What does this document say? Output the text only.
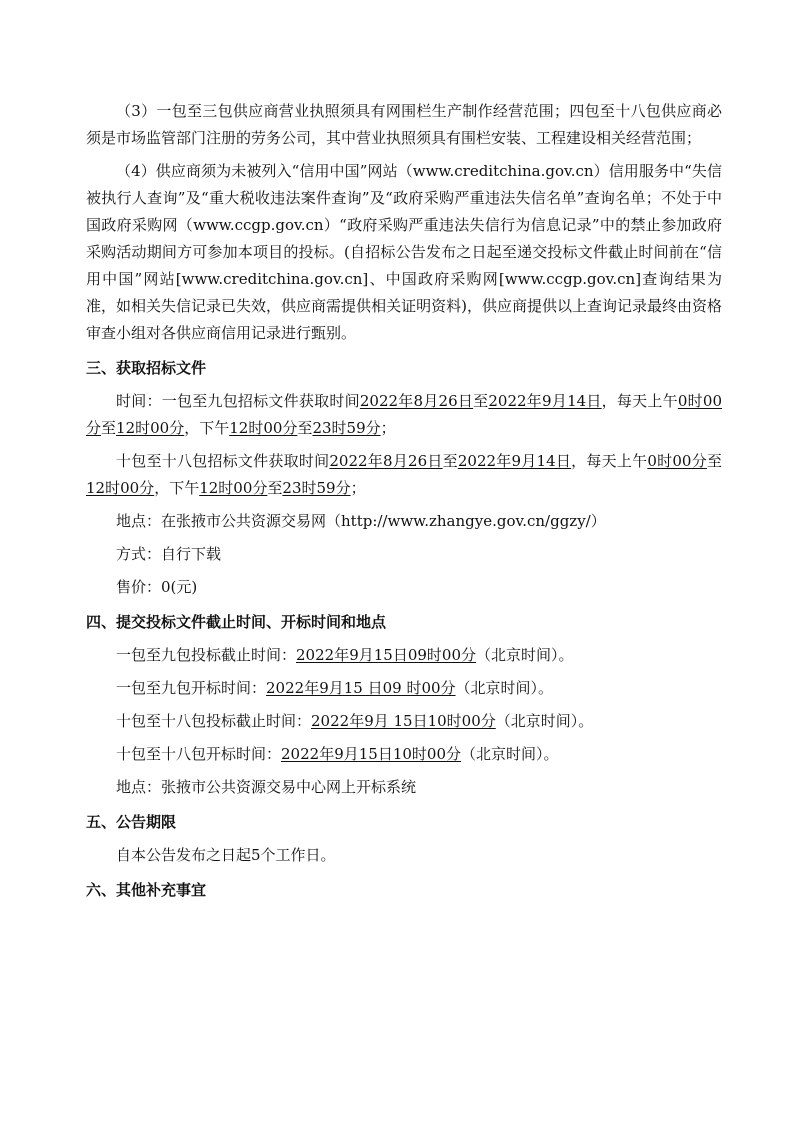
（3）一包至三包供应商营业执照须具有网围栏生产制作经营范围；四包至十八包供应商必须是市场监管部门注册的劳务公司，其中营业执照须具有围栏安装、工程建设相关经营范围；

（4）供应商须为未被列入“信用中国”网站（www.creditchina.gov.cn）信用服务中“失信被执行人查询”及“重大税收违法案件查询”及“政府采购严重违法失信名单”查询名单；不处于中国政府采购网（www.ccgp.gov.cn）“政府采购严重违法失信行为信息记录”中的禁止参加政府采购活动期间方可参加本项目的投标。(自招标公告发布之日起至递交投标文件截止时间前在“信用中国”网站[www.creditchina.gov.cn]、中国政府采购网[www.ccgp.gov.cn]查询结果为准，如相关失信记录已失效，供应商需提供相关证明资料)，供应商提供以上查询记录最终由资格审查小组对各供应商信用记录进行甄别。

三、获取招标文件

时间：一包至九包招标文件获取时间2022年8月26日至2022年9月14日，每天上午0时00分至12时00分，下午12时00分至23时59分；

十包至十八包招标文件获取时间2022年8月26日至2022年9月14日，每天上午0时00分至12时00分，下午12时00分至23时59分；

地点：在张掖市公共资源交易网（http://www.zhangye.gov.cn/ggzy/）

方式：自行下载

售价：0(元)

四、提交投标文件截止时间、开标时间和地点

一包至九包投标截止时间：2022年9月15日09时00分（北京时间）。

一包至九包开标时间：2022年9月15 日09 时00分（北京时间）。

十包至十八包投标截止时间：2022年9月 15日10时00分（北京时间）。

十包至十八包开标时间：2022年9月15日10时00分（北京时间）。

地点：张掖市公共资源交易中心网上开标系统

五、公告期限

自本公告发布之日起5个工作日。

六、其他补充事宜
